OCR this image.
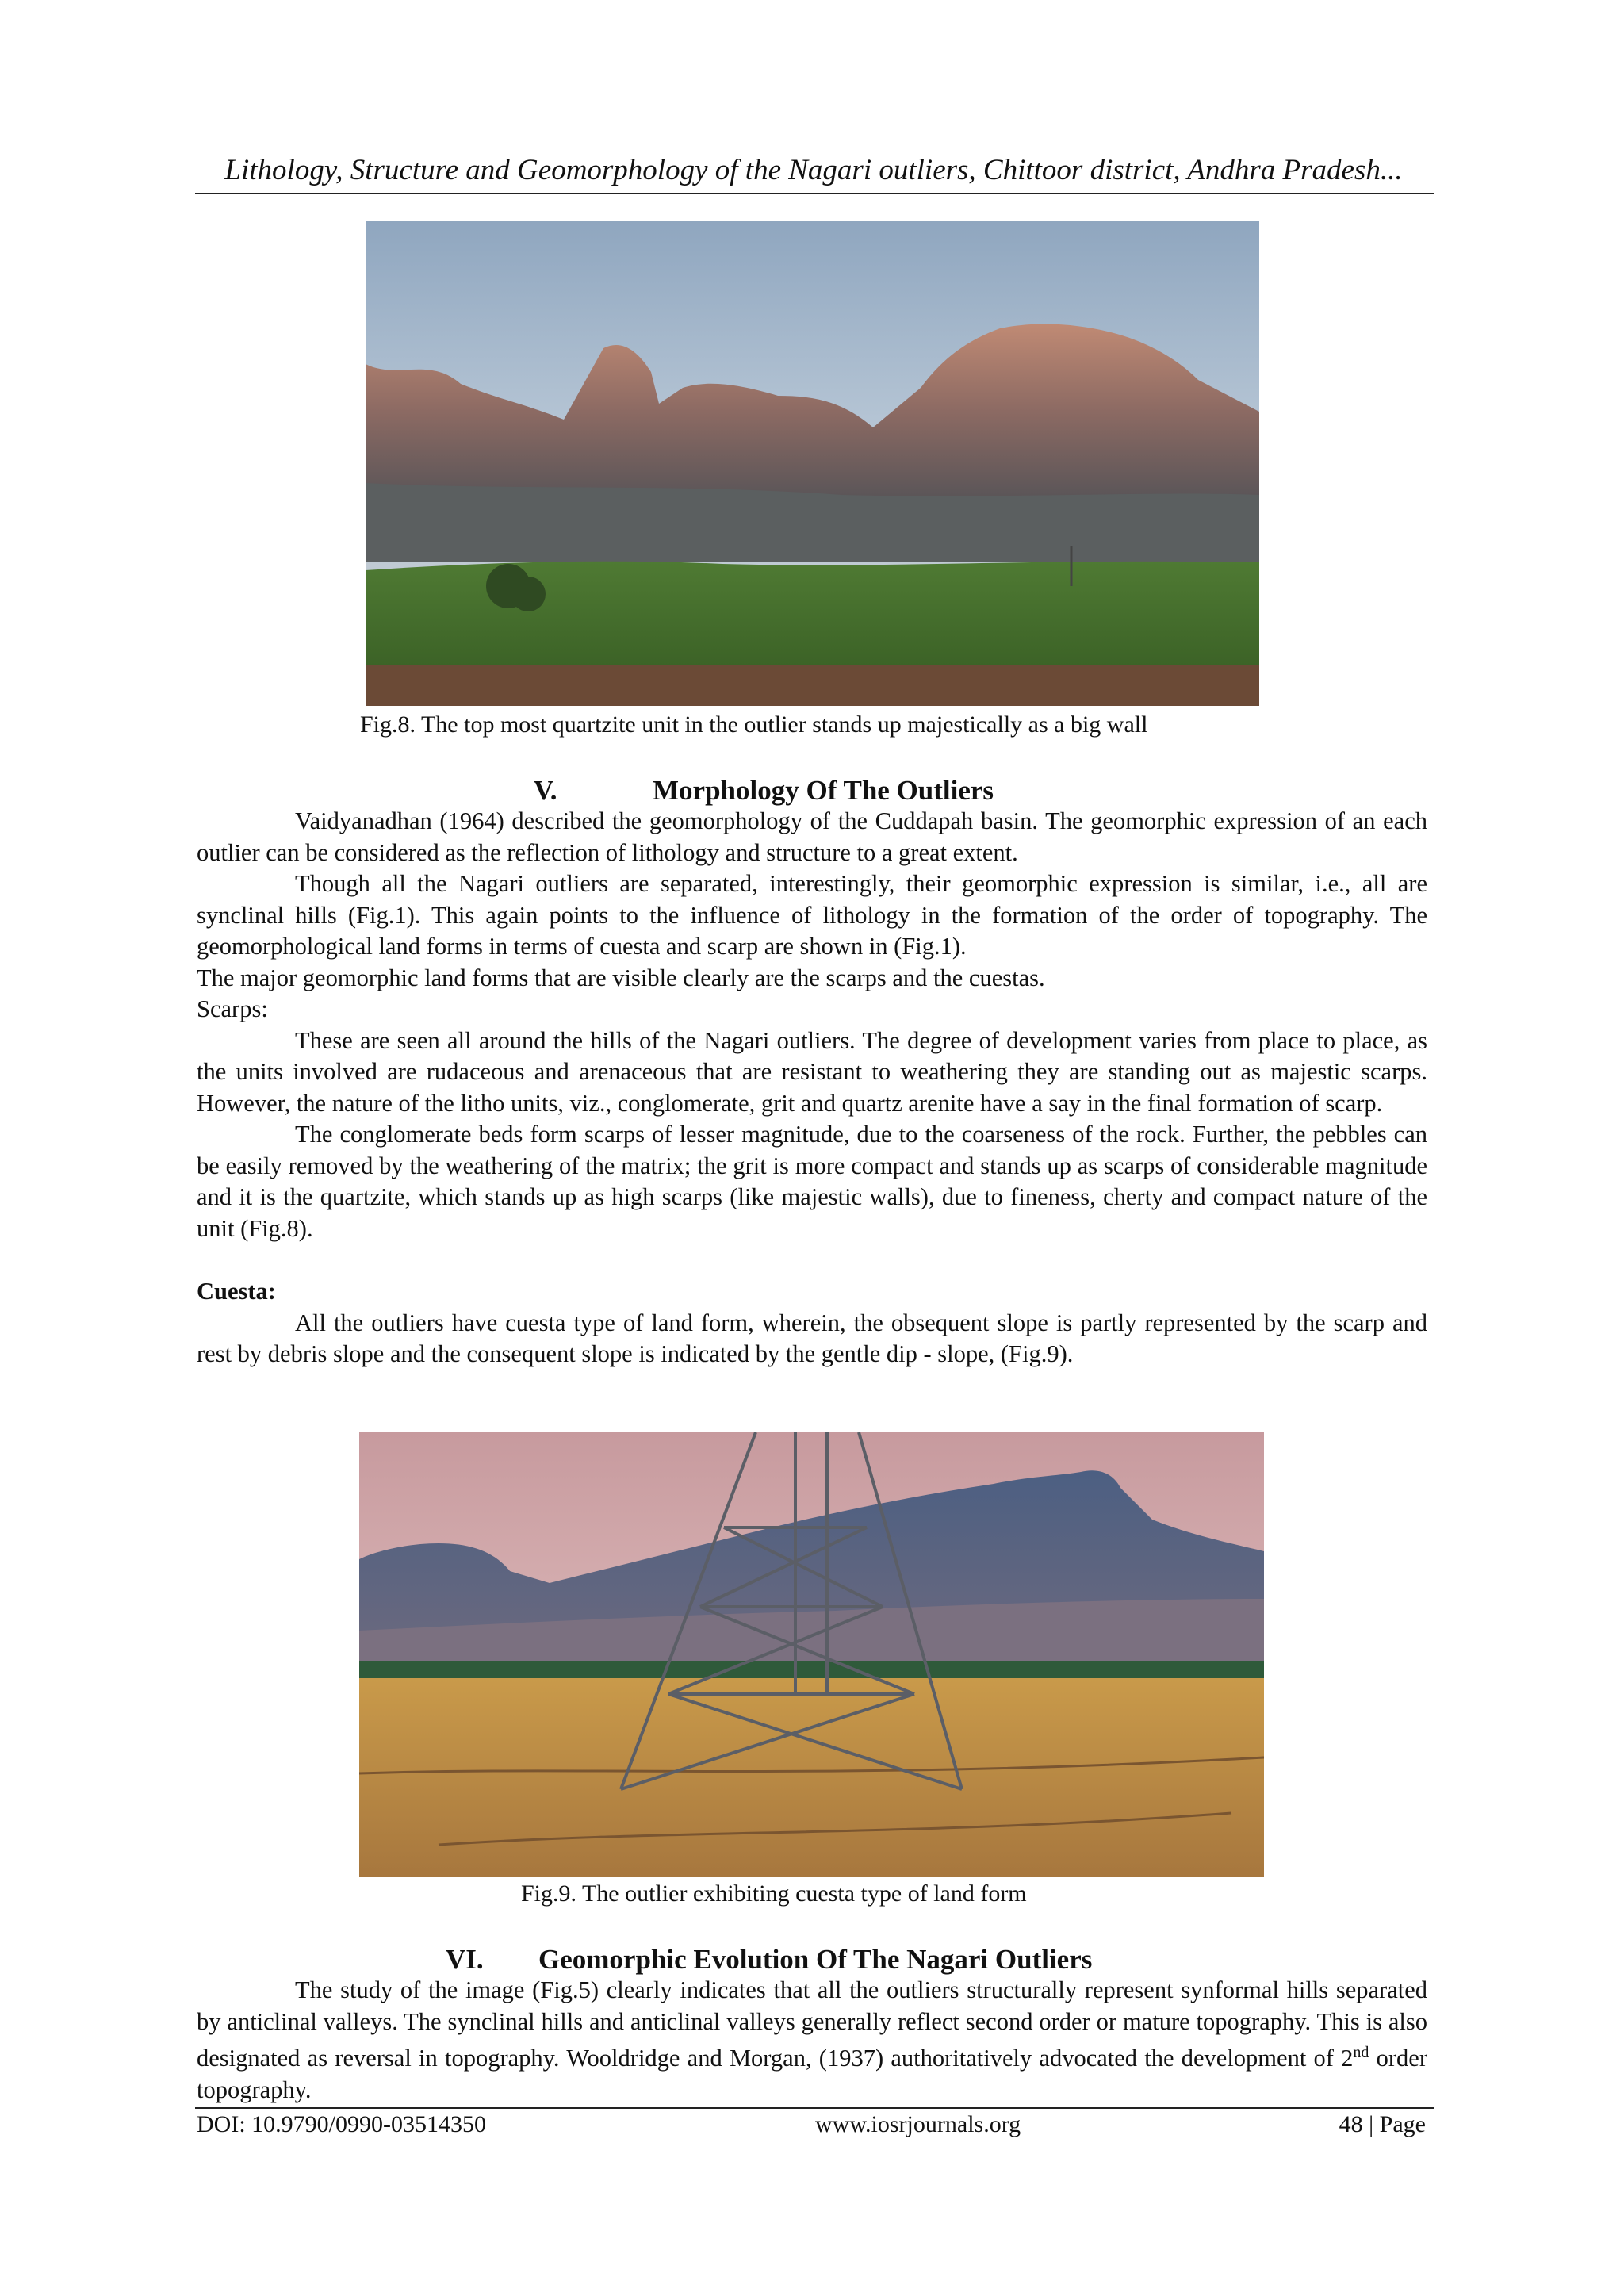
Lithology, Structure and Geomorphology of the Nagari outliers, Chittoor district, Andhra Pradesh...
Fig.8. The top most quartzite unit in the outlier stands up majestically as a big wall
V.	Morphology Of The Outliers

Vaidyanadhan (1964) described the geomorphology of the Cuddapah basin. The geomorphic expression of an each outlier can be considered as the reflection of lithology and structure to a great extent.

Though all the Nagari outliers are separated, interestingly, their geomorphic expression is similar, i.e., all are synclinal hills (Fig.1). This again points to the influence of lithology in the formation of the order of topography. The geomorphological land forms in terms of cuesta and scarp are shown in (Fig.1).

The major geomorphic land forms that are visible clearly are the scarps and the cuestas.

Scarps:

These are seen all around the hills of the Nagari outliers. The degree of development varies from place to place, as the units involved are rudaceous and arenaceous that are resistant to weathering they are standing out as majestic scarps. However, the nature of the litho units, viz., conglomerate, grit and quartz arenite have a say in the final formation of scarp.

The conglomerate beds form scarps of lesser magnitude, due to the coarseness of the rock. Further, the pebbles can be easily removed by the weathering of the matrix; the grit is more compact and stands up as scarps of considerable magnitude and it is the quartzite, which stands up as high scarps (like majestic walls), due to fineness, cherty and compact nature of the unit (Fig.8).

Cuesta:

All the outliers have cuesta type of land form, wherein, the obsequent slope is partly represented by the scarp and rest by debris slope and the consequent slope is indicated by the gentle dip - slope, (Fig.9).

Fig.9. The outlier exhibiting cuesta type of land form
VI. Geomorphic Evolution Of The Nagari Outliers

The study of the image (Fig.5) clearly indicates that all the outliers structurally represent synformal hills separated by anticlinal valleys. The synclinal hills and anticlinal valleys generally reflect second order or mature topography. This is also designated as reversal in topography. Wooldridge and Morgan, (1937) authoritatively advocated the development of 2nd order topography.

DOI: 10.9790/0990-03514350	www.iosrjournals.org	48 | Page
